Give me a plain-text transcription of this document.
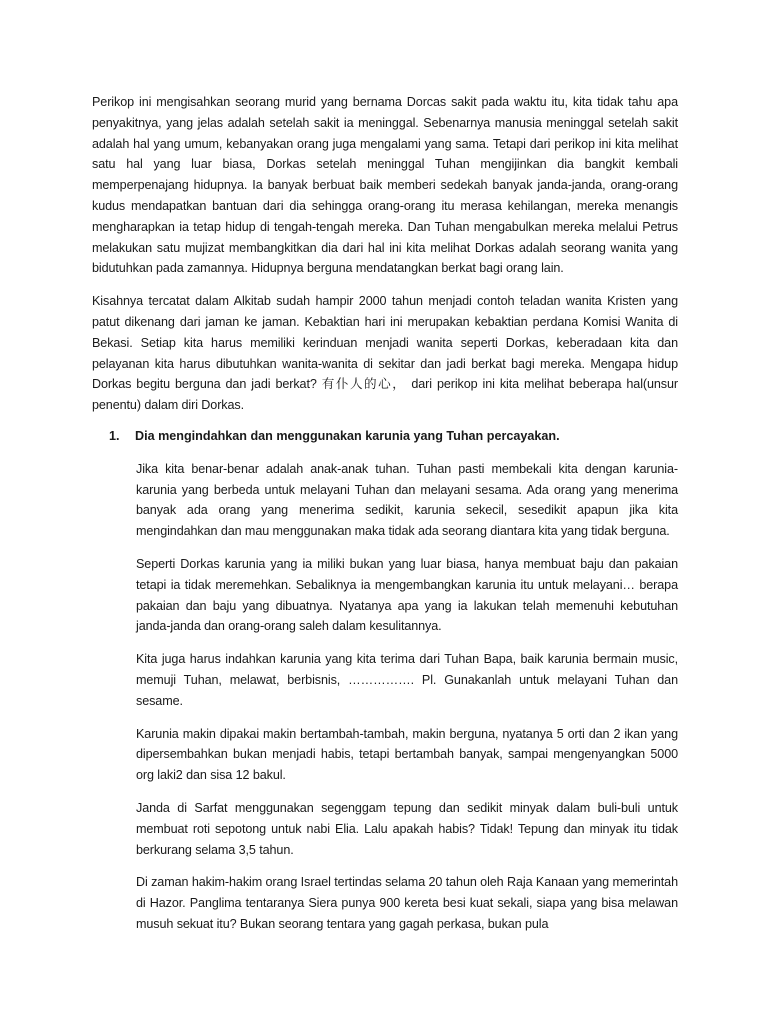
Perikop ini mengisahkan seorang murid yang bernama Dorcas sakit pada waktu itu, kita tidak tahu apa penyakitnya, yang jelas adalah setelah sakit ia meninggal. Sebenarnya manusia meninggal setelah sakit adalah hal yang umum, kebanyakan orang juga mengalami yang sama. Tetapi dari perikop ini kita melihat satu hal yang luar biasa, Dorkas setelah meninggal Tuhan mengijinkan dia bangkit kembali memperpenajang hidupnya. Ia banyak berbuat baik memberi sedekah banyak janda-janda, orang-orang kudus mendapatkan bantuan dari dia sehingga orang-orang itu merasa kehilangan, mereka menangis mengharapkan ia tetap hidup di tengah-tengah mereka. Dan Tuhan mengabulkan mereka melalui Petrus melakukan satu mujizat membangkitkan dia dari hal ini kita melihat Dorkas adalah seorang wanita yang bidutuhkan pada zamannya. Hidupnya berguna mendatangkan berkat bagi orang lain.

Kisahnya tercatat dalam Alkitab sudah hampir 2000 tahun menjadi contoh teladan wanita Kristen yang patut dikenang dari jaman ke jaman. Kebaktian hari ini merupakan kebaktian perdana Komisi Wanita di Bekasi. Setiap kita harus memiliki kerinduan menjadi wanita seperti Dorkas, keberadaan kita dan pelayanan kita harus dibutuhkan wanita-wanita di sekitar dan jadi berkat bagi mereka. Mengapa hidup Dorkas begitu berguna dan jadi berkat? 有仆人的心， dari perikop ini kita melihat beberapa hal(unsur penentu) dalam diri Dorkas.

1.	Dia mengindahkan dan menggunakan karunia yang Tuhan percayakan.

Jika kita benar-benar adalah anak-anak tuhan. Tuhan pasti membekali kita dengan karunia-karunia yang berbeda untuk melayani Tuhan dan melayani sesama. Ada orang yang menerima banyak ada orang yang menerima sedikit, karunia sekecil, sesedikit apapun jika kita mengindahkan dan mau menggunakan maka tidak ada seorang diantara kita yang tidak berguna.

Seperti Dorkas karunia yang ia miliki bukan yang luar biasa, hanya membuat baju dan pakaian tetapi ia tidak meremehkan. Sebaliknya ia mengembangkan karunia itu untuk melayani… berapa pakaian dan baju yang dibuatnya. Nyatanya apa yang ia lakukan telah memenuhi kebutuhan janda-janda dan orang-orang saleh dalam kesulitannya.

Kita juga harus indahkan karunia yang kita terima dari Tuhan Bapa, baik karunia bermain music, memuji Tuhan, melawat, berbisnis, ……………. Pl. Gunakanlah untuk melayani Tuhan dan sesame.

Karunia makin dipakai makin bertambah-tambah, makin berguna, nyatanya 5 orti dan 2 ikan yang dipersembahkan bukan menjadi habis, tetapi bertambah banyak, sampai mengenyangkan 5000 org laki2 dan sisa 12 bakul.

Janda di Sarfat menggunakan segenggam tepung dan sedikit minyak dalam buli-buli untuk membuat roti sepotong untuk nabi Elia. Lalu apakah habis? Tidak! Tepung dan minyak itu tidak berkurang selama 3,5 tahun.

Di zaman hakim-hakim orang Israel tertindas selama 20 tahun oleh Raja Kanaan yang memerintah di Hazor. Panglima tentaranya Siera punya 900 kereta besi kuat sekali, siapa yang bisa melawan musuh sekuat itu? Bukan seorang tentara yang gagah perkasa, bukan pula
